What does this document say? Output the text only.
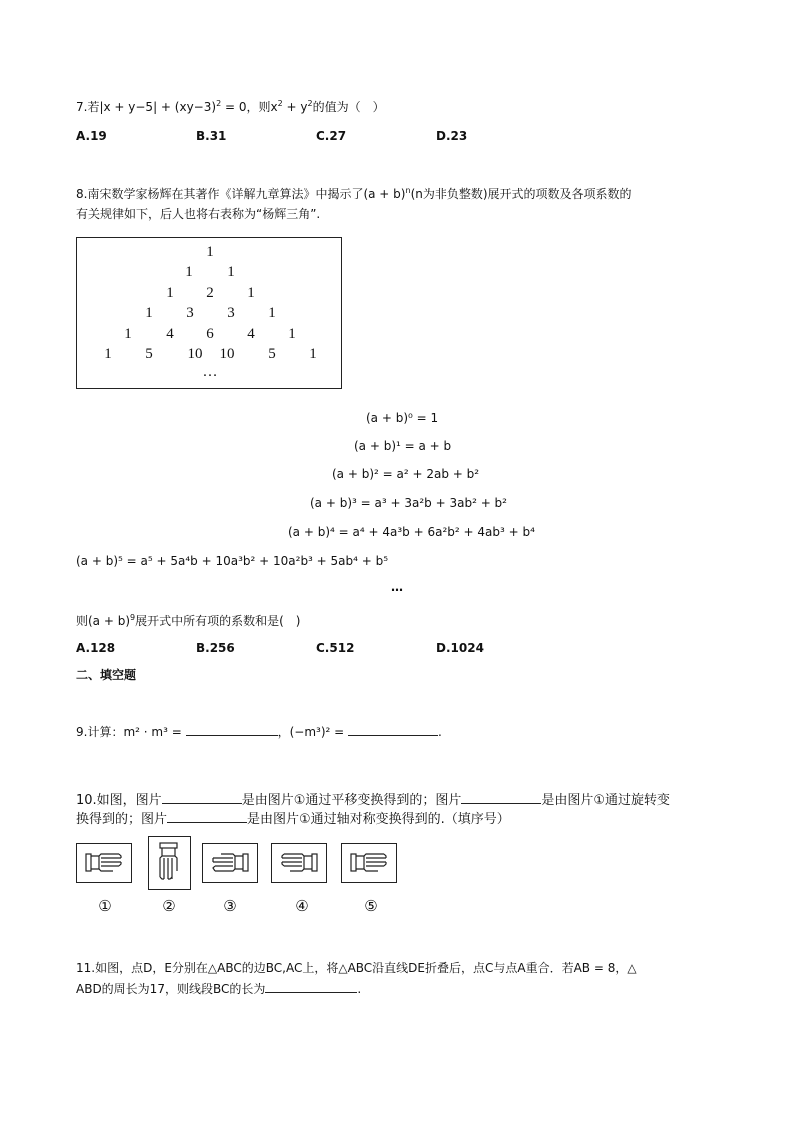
7.若$|x + y-5| + (xy-3)^2 = 0$，则$x^2 + y^2$的值为（　）
A.19	B.31	C.27	D.23
8.南宋数学家杨辉在其著作《详解九章算法》中揭示了$(a + b)^n(n$为非负整数)展开式的项数及各项系数的
有关规律如下，后人也将右表称为“杨辉三角”.
1
1 1
1 2 1
1 3 3 1
1 4 6 4 1
1 5 10 10 5 1
…
(a + b)⁰ = 1
(a + b)¹ = a + b
(a + b)² = a² + 2ab + b²
(a + b)³ = a³ + 3a²b + 3ab² + b²
(a + b)⁴ = a⁴ + 4a³b + 6a²b² + 4ab³ + b⁴
(a + b)⁵ = a⁵ + 5a⁴b + 10a³b² + 10a²b³ + 5ab⁴ + b⁵
…
则$(a + b)^9$展开式中所有项的系数和是(　)
A.128	B.256	C.512	D.1024
二、填空题
9.计算：m² · m³ =	，(−m³)² =	.
10.如图，图片	是由图片①通过平移变换得到的；图片	是由图片①通过旋转变
换得到的；图片	是由图片①通过轴对称变换得到的.（填序号）
①	②	③	④	⑤
11.如图，点D，E分别在△ABC的边BC,AC上，将△ABC沿直线DE折叠后，点C与点A重合．若AB = 8，△
ABD的周长为17，则线段BC的长为	.
